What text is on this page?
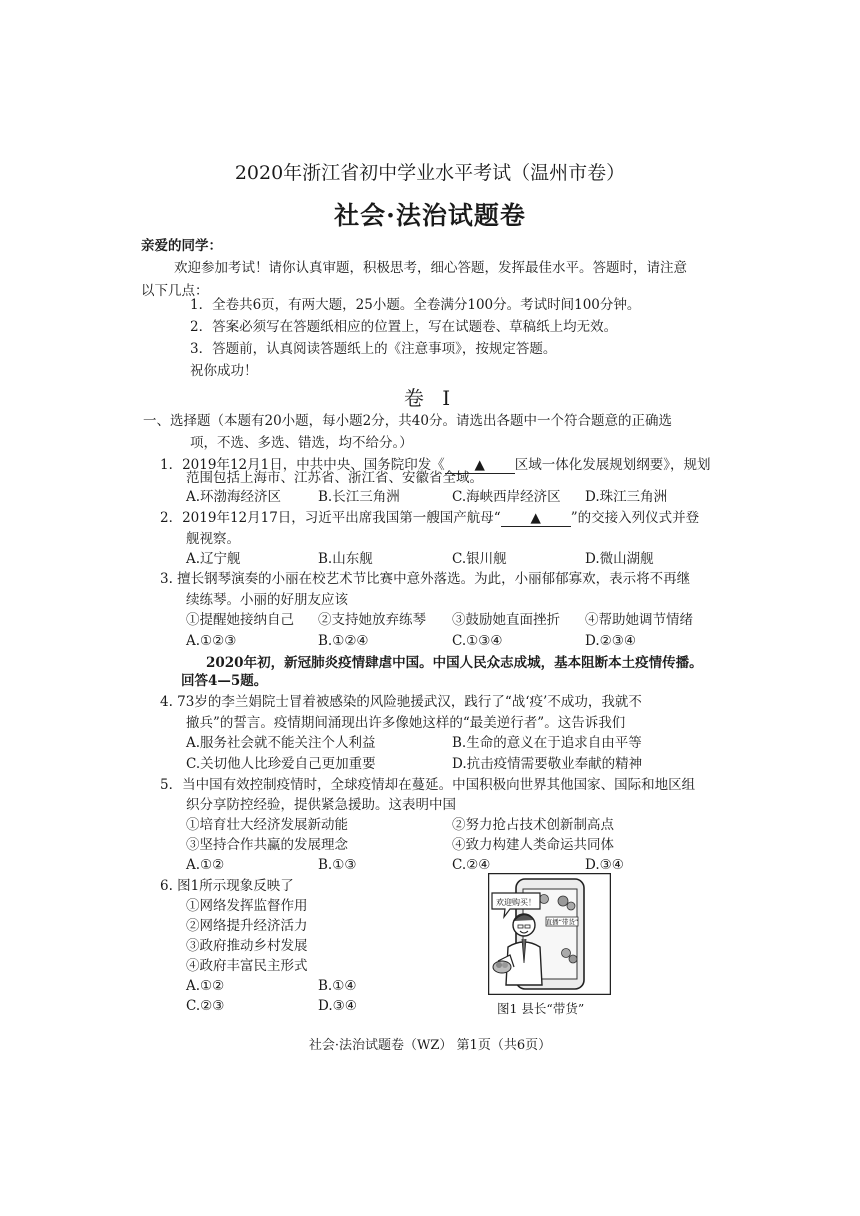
2020年浙江省初中学业水平考试（温州市卷）
社会·法治试题卷
亲爱的同学：
欢迎参加考试！请你认真审题，积极思考，细心答题，发挥最佳水平。答题时，请注意
以下几点：
1．全卷共6页，有两大题，25小题。全卷满分100分。考试时间100分钟。
2．答案必须写在答题纸相应的位置上，写在试题卷、草稿纸上均无效。
3．答题前，认真阅读答题纸上的《注意事项》，按规定答题。
祝你成功！
卷 Ⅰ
一、选择题（本题有20小题，每小题2分，共40分。请选出各题中一个符合题意的正确选
项，不选、多选、错选，均不给分。）
1．2019年12月1日，中共中央、国务院印发《 ▲ 区域一体化发展规划纲要》，规划
范围包括上海市、江苏省、浙江省、安徽省全域。
A.环渤海经济区	B.长江三角洲	C.海峡西岸经济区 D.珠江三角洲
2．2019年12月17日，习近平出席我国第一艘国产航母“ ▲ ”的交接入列仪式并登
舰视察。
A.辽宁舰	B.山东舰	C.银川舰	D.微山湖舰
3. 擅长钢琴演奏的小丽在校艺术节比赛中意外落选。为此，小丽郁郁寡欢，表示将不再继
续练琴。小丽的好朋友应该
①提醒她接纳自己 ②支持她放弃练琴 ③鼓励她直面挫折 ④帮助她调节情绪
A.①②③	B.①②④	C.①③④	D.②③④
2020年初，新冠肺炎疫情肆虐中国。中国人民众志成城，基本阻断本土疫情传播。
回答4—5题。
4. 73岁的李兰娟院士冒着被感染的风险驰援武汉，践行了“战‘疫’不成功，我就不
撤兵”的誓言。疫情期间涌现出许多像她这样的“最美逆行者”。这告诉我们
A.服务社会就不能关注个人利益	B.生命的意义在于追求自由平等
C.关切他人比珍爱自己更加重要	D.抗击疫情需要敬业奉献的精神
5．当中国有效控制疫情时，全球疫情却在蔓延。中国积极向世界其他国家、国际和地区组
织分享防控经验，提供紧急援助。这表明中国
①培育壮大经济发展新动能	②努力抢占技术创新制高点
③坚持合作共赢的发展理念	④致力构建人类命运共同体
A.①②	B.①③	C.②④	D.③④
6. 图1所示现象反映了
①网络发挥监督作用
②网络提升经济活力
③政府推动乡村发展
④政府丰富民主形式
A.①②	B.①④
C.②③	D.③④
直播“带货”
欢迎购买！
图1 县长“带货”
社会·法治试题卷（WZ） 第1页（共6页）
